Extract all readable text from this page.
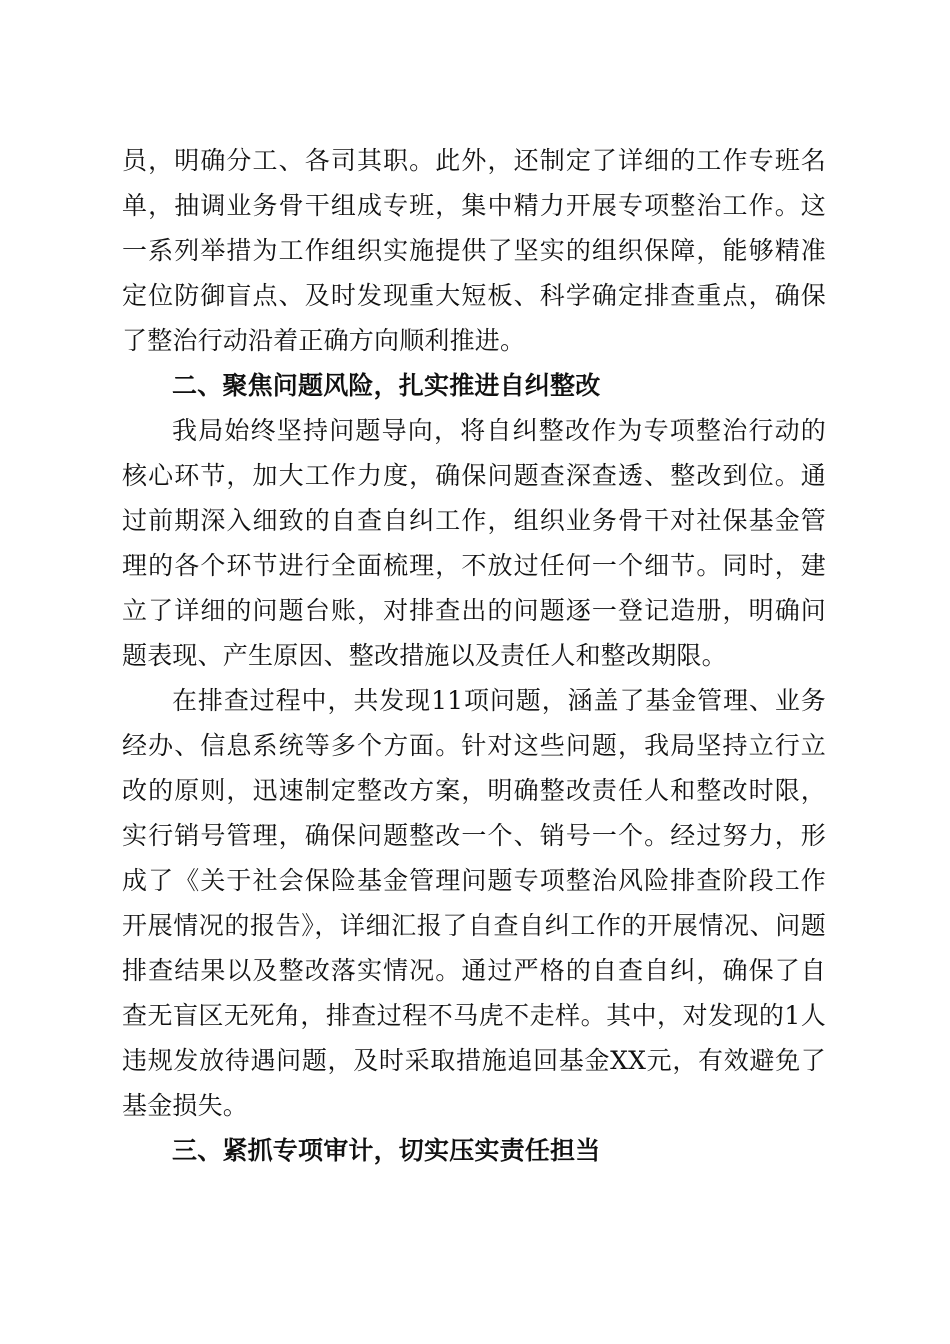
员，明确分工、各司其职。此外，还制定了详细的工作专班名单，抽调业务骨干组成专班，集中精力开展专项整治工作。这一系列举措为工作组织实施提供了坚实的组织保障，能够精准定位防御盲点、及时发现重大短板、科学确定排查重点，确保了整治行动沿着正确方向顺利推进。

二、聚焦问题风险，扎实推进自纠整改

我局始终坚持问题导向，将自纠整改作为专项整治行动的核心环节，加大工作力度，确保问题查深查透、整改到位。通过前期深入细致的自查自纠工作，组织业务骨干对社保基金管理的各个环节进行全面梳理，不放过任何一个细节。同时，建立了详细的问题台账，对排查出的问题逐一登记造册，明确问题表现、产生原因、整改措施以及责任人和整改期限。

在排查过程中，共发现11项问题，涵盖了基金管理、业务经办、信息系统等多个方面。针对这些问题，我局坚持立行立改的原则，迅速制定整改方案，明确整改责任人和整改时限，实行销号管理，确保问题整改一个、销号一个。经过努力，形成了《关于社会保险基金管理问题专项整治风险排查阶段工作开展情况的报告》，详细汇报了自查自纠工作的开展情况、问题排查结果以及整改落实情况。通过严格的自查自纠，确保了自查无盲区无死角，排查过程不马虎不走样。其中，对发现的1人违规发放待遇问题，及时采取措施追回基金XX元，有效避免了基金损失。

三、紧抓专项审计，切实压实责任担当
